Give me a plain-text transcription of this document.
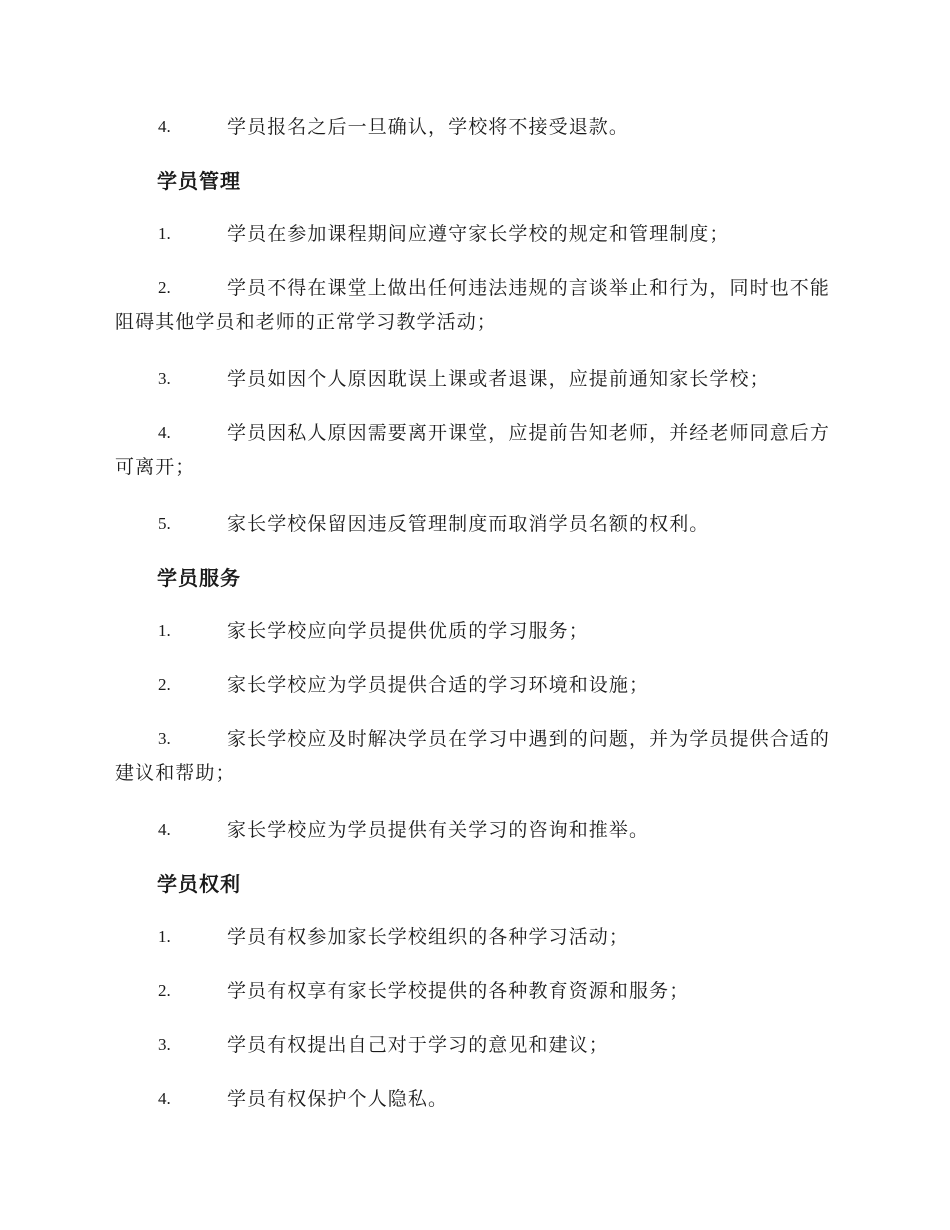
4.	学员报名之后一旦确认，学校将不接受退款。
学员管理
1.	学员在参加课程期间应遵守家长学校的规定和管理制度；
2.	学员不得在课堂上做出任何违法违规的言谈举止和行为，同时也不能阻碍其他学员和老师的正常学习教学活动；
3.	学员如因个人原因耽误上课或者退课，应提前通知家长学校；
4.	学员因私人原因需要离开课堂，应提前告知老师，并经老师同意后方可离开；
5.	家长学校保留因违反管理制度而取消学员名额的权利。
学员服务
1.	家长学校应向学员提供优质的学习服务；
2.	家长学校应为学员提供合适的学习环境和设施；
3.	家长学校应及时解决学员在学习中遇到的问题，并为学员提供合适的建议和帮助；
4.	家长学校应为学员提供有关学习的咨询和推举。
学员权利
1.	学员有权参加家长学校组织的各种学习活动；
2.	学员有权享有家长学校提供的各种教育资源和服务；
3.	学员有权提出自己对于学习的意见和建议；
4.	学员有权保护个人隐私。
